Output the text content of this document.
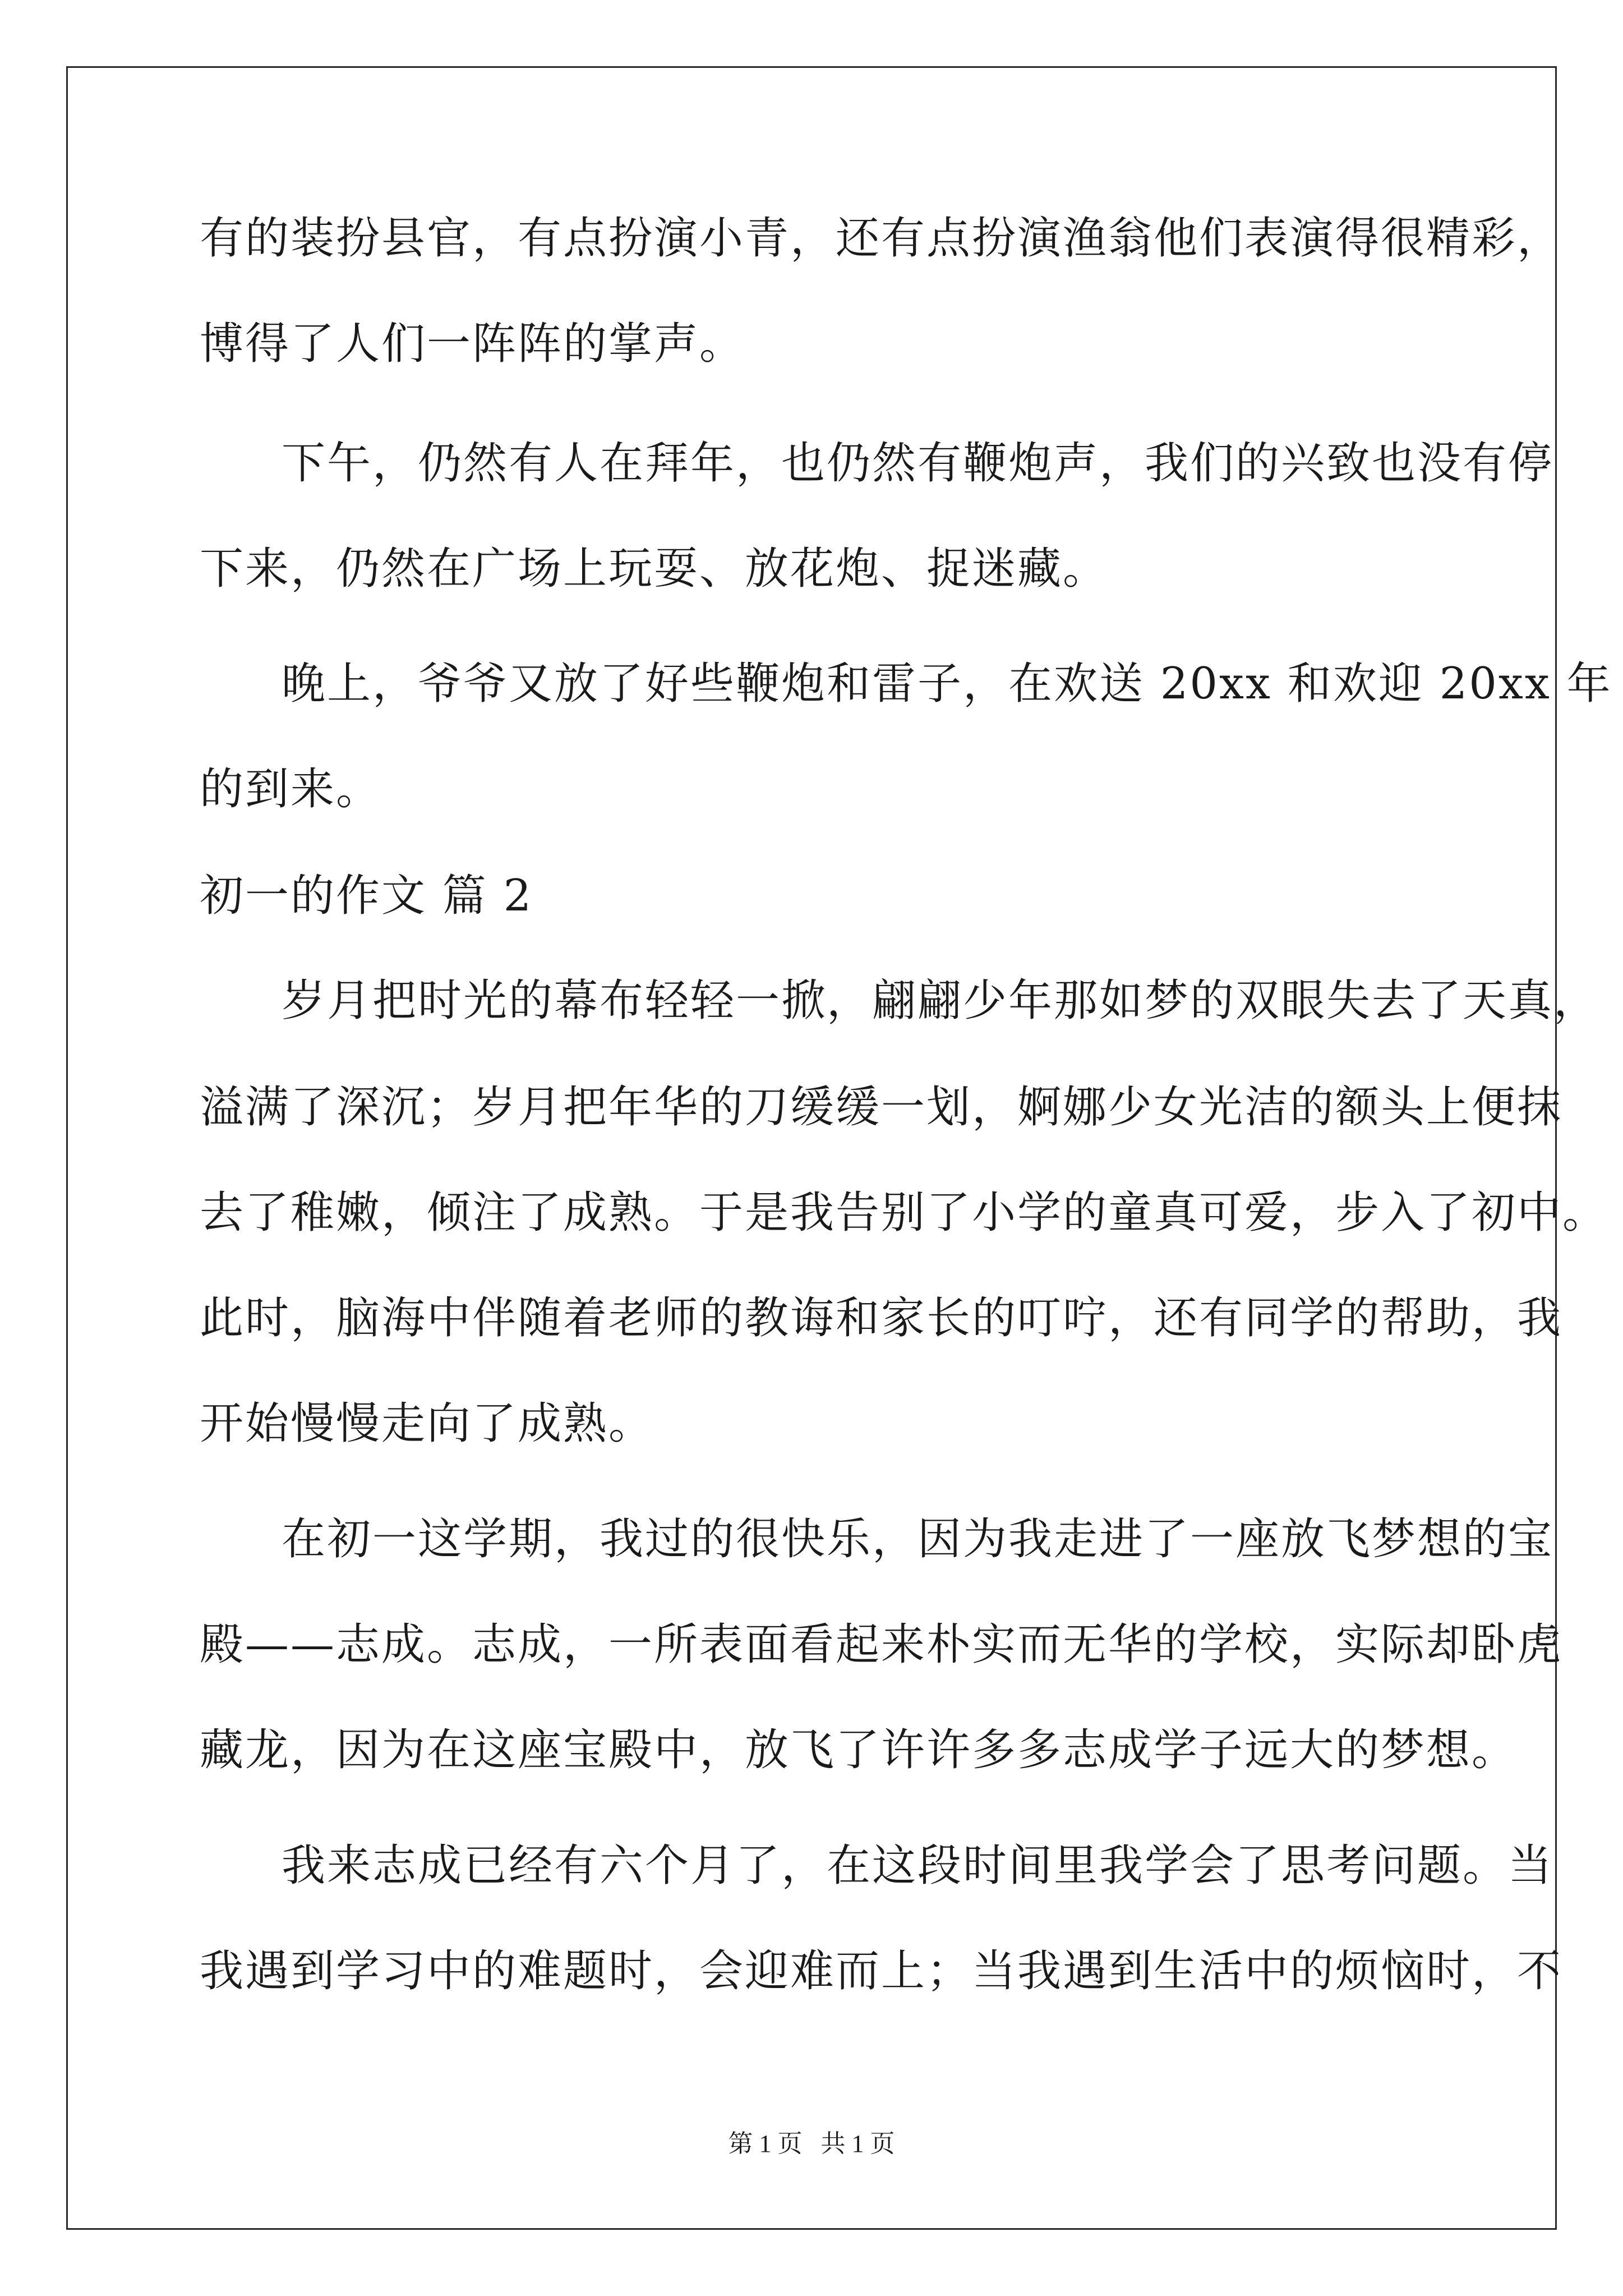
有的装扮县官，有点扮演小青，还有点扮演渔翁他们表演得很精彩，
博得了人们一阵阵的掌声。
下午，仍然有人在拜年，也仍然有鞭炮声，我们的兴致也没有停
下来，仍然在广场上玩耍、放花炮、捉迷藏。
晚上，爷爷又放了好些鞭炮和雷子，在欢送 20xx 和欢迎 20xx 年
的到来。
初一的作文 篇 2
岁月把时光的幕布轻轻一掀，翩翩少年那如梦的双眼失去了天真，
溢满了深沉；岁月把年华的刀缓缓一划，婀娜少女光洁的额头上便抹
去了稚嫩，倾注了成熟。于是我告别了小学的童真可爱，步入了初中。
此时，脑海中伴随着老师的教诲和家长的叮咛，还有同学的帮助，我
开始慢慢走向了成熟。
在初一这学期，我过的很快乐，因为我走进了一座放飞梦想的宝
殿——志成。志成，一所表面看起来朴实而无华的学校，实际却卧虎
藏龙，因为在这座宝殿中，放飞了许许多多志成学子远大的梦想。
我来志成已经有六个月了，在这段时间里我学会了思考问题。当
我遇到学习中的难题时，会迎难而上；当我遇到生活中的烦恼时，不
第 1 页   共 1 页
